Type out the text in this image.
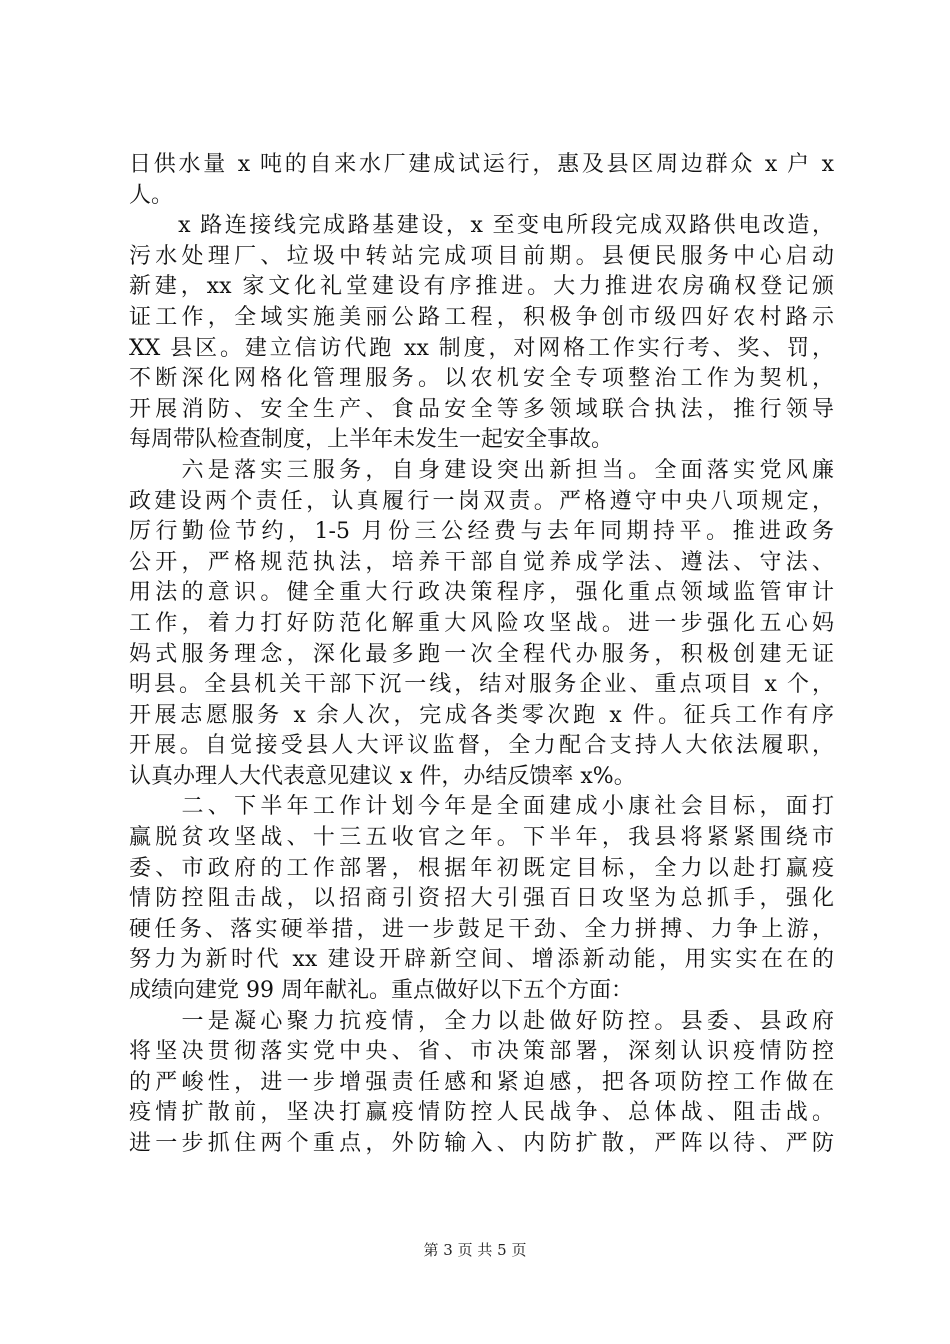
日供水量 x 吨的自来水厂建成试运行，惠及县区周边群众 x 户 x
人。
　　x 路连接线完成路基建设，x 至变电所段完成双路供电改造，
污水处理厂、垃圾中转站完成项目前期。县便民服务中心启动
新建，xx 家文化礼堂建设有序推进。大力推进农房确权登记颁
证工作，全域实施美丽公路工程，积极争创市级四好农村路示
XX 县区。建立信访代跑 xx 制度，对网格工作实行考、奖、罚，
不断深化网格化管理服务。以农机安全专项整治工作为契机，
开展消防、安全生产、食品安全等多领域联合执法，推行领导
每周带队检查制度，上半年未发生一起安全事故。
　　六是落实三服务，自身建设突出新担当。全面落实党风廉
政建设两个责任，认真履行一岗双责。严格遵守中央八项规定，
厉行勤俭节约，1-5 月份三公经费与去年同期持平。推进政务
公开，严格规范执法，培养干部自觉养成学法、遵法、守法、
用法的意识。健全重大行政决策程序，强化重点领域监管审计
工作，着力打好防范化解重大风险攻坚战。进一步强化五心妈
妈式服务理念，深化最多跑一次全程代办服务，积极创建无证
明县。全县机关干部下沉一线，结对服务企业、重点项目 x 个，
开展志愿服务 x 余人次，完成各类零次跑 x 件。征兵工作有序
开展。自觉接受县人大评议监督，全力配合支持人大依法履职，
认真办理人大代表意见建议 x 件，办结反馈率 x%。
　　二、下半年工作计划今年是全面建成小康社会目标，面打
赢脱贫攻坚战、十三五收官之年。下半年，我县将紧紧围绕市
委、市政府的工作部署，根据年初既定目标，全力以赴打赢疫
情防控阻击战，以招商引资招大引强百日攻坚为总抓手，强化
硬任务、落实硬举措，进一步鼓足干劲、全力拼搏、力争上游，
努力为新时代 xx 建设开辟新空间、增添新动能，用实实在在的
成绩向建党 99 周年献礼。重点做好以下五个方面：
　　一是凝心聚力抗疫情，全力以赴做好防控。县委、县政府
将坚决贯彻落实党中央、省、市决策部署，深刻认识疫情防控
的严峻性，进一步增强责任感和紧迫感，把各项防控工作做在
疫情扩散前，坚决打赢疫情防控人民战争、总体战、阻击战。
进一步抓住两个重点，外防输入、内防扩散，严阵以待、严防
第 3 页 共 5 页
